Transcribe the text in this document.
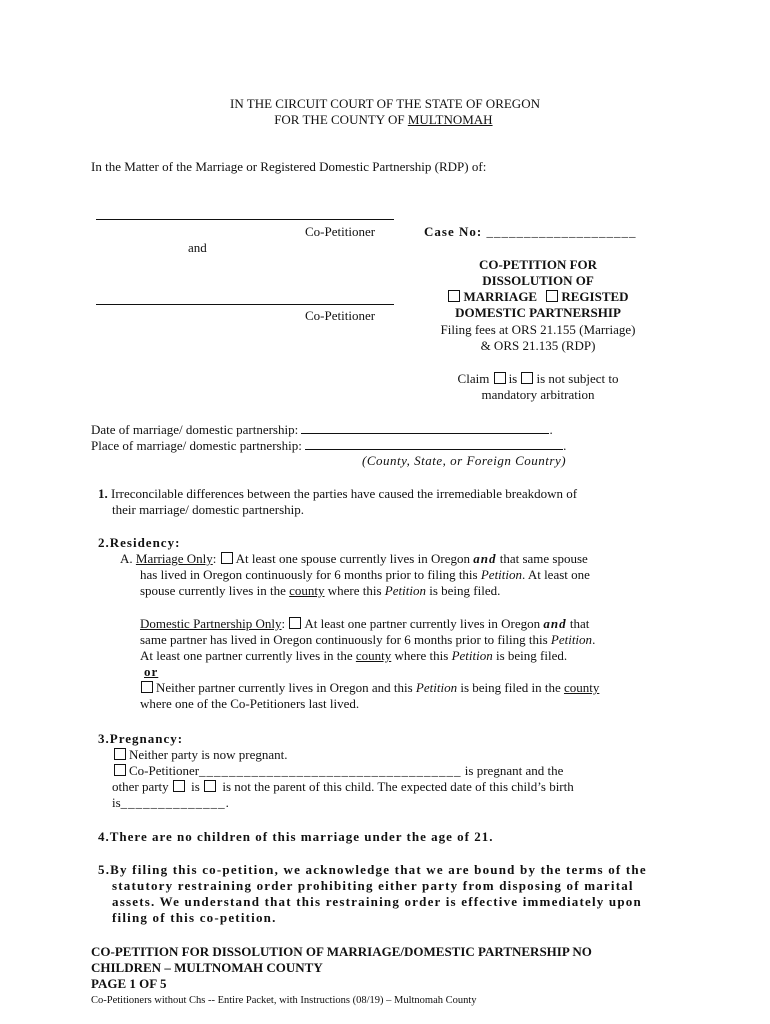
IN THE CIRCUIT COURT OF THE STATE OF OREGON
FOR THE COUNTY OF MULTNOMAH
In the Matter of the Marriage or Registered Domestic Partnership (RDP) of:
Co-Petitioner
and
Co-Petitioner
Case No: ____________________
CO-PETITION FOR
DISSOLUTION OF
MARRIAGE REGISTED
DOMESTIC PARTNERSHIP
Filing fees at ORS 21.155 (Marriage)
& ORS 21.135 (RDP)
Claim is is not subject to
mandatory arbitration
Date of marriage/ domestic partnership:	.
Place of marriage/ domestic partnership:	.
(County, State, or Foreign Country)
1. Irreconcilable differences between the parties have caused the irremediable breakdown of
their marriage/ domestic partnership.
2.Residency:
A. Marriage Only: At least one spouse currently lives in Oregon and that same spouse
has lived in Oregon continuously for 6 months prior to filing this Petition. At least one
spouse currently lives in the county where this Petition is being filed.
Domestic Partnership Only: At least one partner currently lives in Oregon and that
same partner has lived in Oregon continuously for 6 months prior to filing this Petition.
At least one partner currently lives in the county where this Petition is being filed.
or
Neither partner currently lives in Oregon and this Petition is being filed in the county
where one of the Co-Petitioners last lived.
3.Pregnancy:
Neither party is now pregnant.
Co-Petitioner___________________________________ is pregnant and the
other party  is  is not the parent of this child. The expected date of this child’s birth
is______________.
4.There are no children of this marriage under the age of 21.
5.By filing this co-petition, we acknowledge that we are bound by the terms of the
statutory restraining order prohibiting either party from disposing of marital
assets. We understand that this restraining order is effective immediately upon
filing of this co-petition.
CO-PETITION FOR DISSOLUTION OF MARRIAGE/DOMESTIC PARTNERSHIP NO
CHILDREN – MULTNOMAH COUNTY
PAGE 1 OF 5
Co-Petitioners without Chs -- Entire Packet, with Instructions (08/19) – Multnomah County
